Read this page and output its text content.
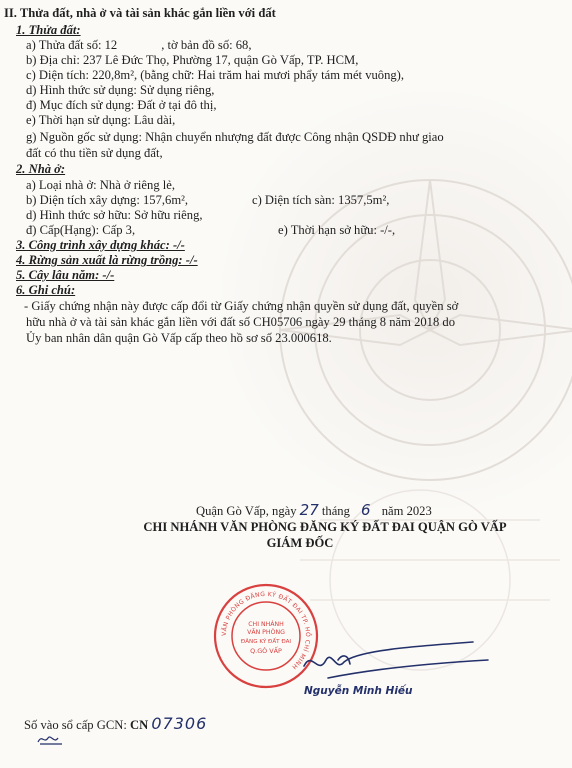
II. Thửa đất, nhà ở và tài sản khác gắn liền với đất
1. Thửa đất:
a) Thửa đất số: 12	, tờ bản đồ số: 68,
b) Địa chỉ: 237 Lê Đức Thọ, Phường 17, quận Gò Vấp, TP. HCM,
c) Diện tích: 220,8m², (bằng chữ: Hai trăm hai mươi phẩy tám mét vuông),
d) Hình thức sử dụng: Sử dụng riêng,
đ) Mục đích sử dụng: Đất ở tại đô thị,
e) Thời hạn sử dụng: Lâu dài,
g) Nguồn gốc sử dụng: Nhận chuyển nhượng đất được Công nhận QSDĐ như giao
đất có thu tiền sử dụng đất,
2. Nhà ở:
a) Loại nhà ở: Nhà ở riêng lẻ,
b) Diện tích xây dựng: 157,6m²,	c) Diện tích sàn: 1357,5m²,
d) Hình thức sở hữu: Sở hữu riêng,
đ) Cấp(Hạng): Cấp 3,	e) Thời hạn sở hữu: -/-,
3. Công trình xây dựng khác: -/-
4. Rừng sản xuất là rừng trồng: -/-
5. Cây lâu năm: -/-
6. Ghi chú:
- Giấy chứng nhận này được cấp đổi từ Giấy chứng nhận quyền sử dụng đất, quyền sở
hữu nhà ở và tài sản khác gắn liền với đất số CH05706 ngày 29 tháng 8 năm 2018 do
Ủy ban nhân dân quận Gò Vấp cấp theo hồ sơ số 23.000618.
Quận Gò Vấp, ngày 27 tháng 6 năm 2023
CHI NHÁNH VĂN PHÒNG ĐĂNG KÝ ĐẤT ĐAI QUẬN GÒ VẤP
GIÁM ĐỐC
VĂN PHÒNG ĐĂNG KÝ ĐẤT ĐAI TP. HỒ CHÍ MINH
CHI NHÁNH
VĂN PHÒNG
ĐĂNG KÝ ĐẤT ĐAI
Q.GÒ VẤP
Nguyễn Minh Hiếu
Số vào sổ cấp GCN: CN 07306
